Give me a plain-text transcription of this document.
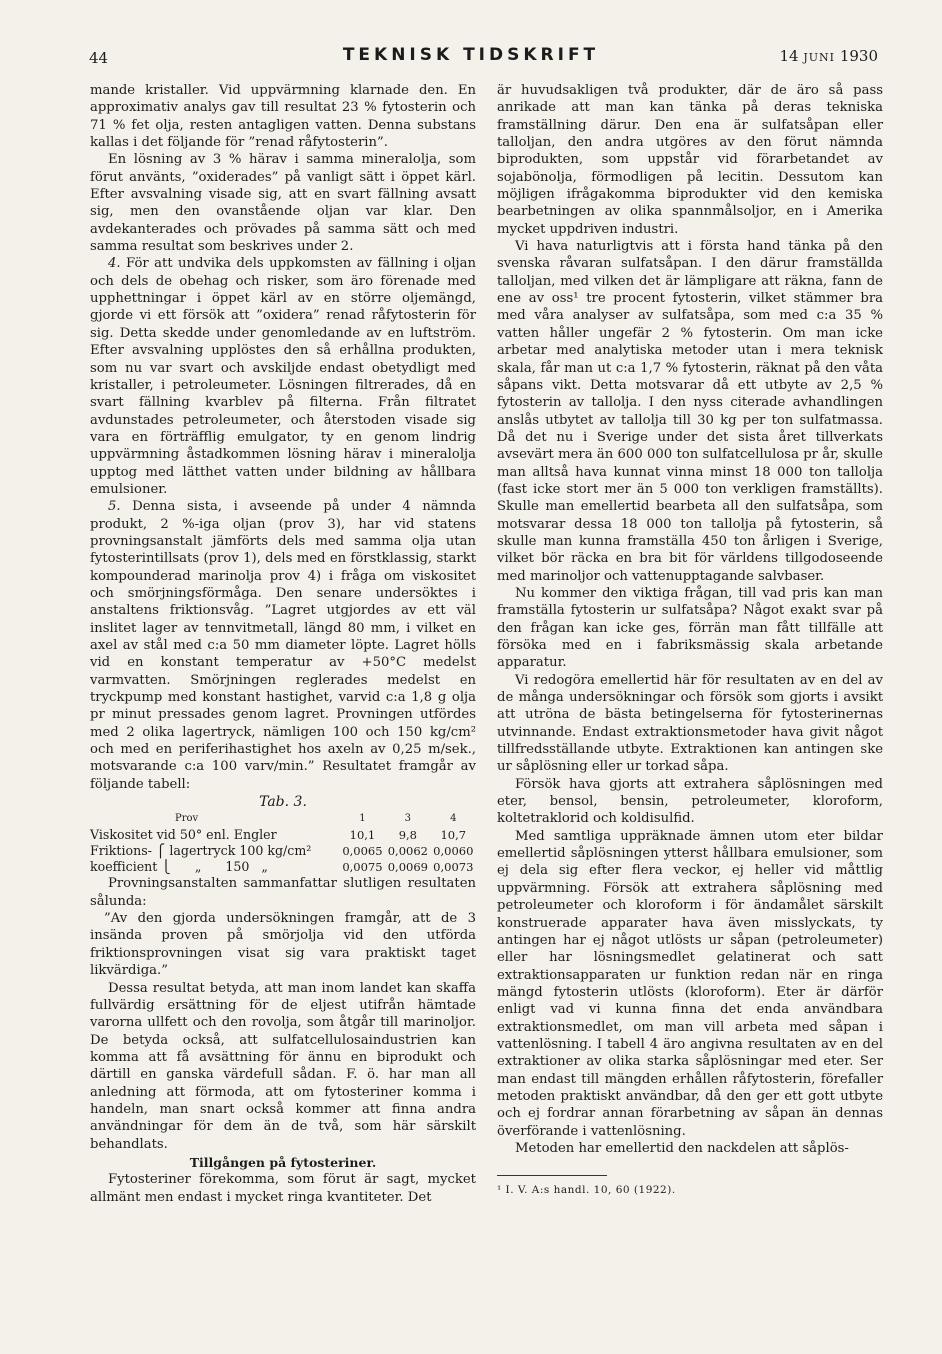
44	TEKNISK TIDSKRIFT	14 JUNI 1930

mande kristaller. Vid uppvärmning klarnade den. En approximativ analys gav till resultat 23 % fytosterin och 71 % fet olja, resten antagligen vatten. Denna substans kallas i det följande för ”renad råfytosterin”.

En lösning av 3 % härav i samma mineralolja, som förut använts, ”oxiderades” på vanligt sätt i öppet kärl. Efter avsvalning visade sig, att en svart fällning avsatt sig, men den ovanstående oljan var klar. Den avdekanterades och prövades på samma sätt och med samma resultat som beskrives under 2.

4. För att undvika dels uppkomsten av fällning i oljan och dels de obehag och risker, som äro förenade med upphettningar i öppet kärl av en större oljemängd, gjorde vi ett försök att ”oxidera” renad råfytosterin för sig. Detta skedde under genomledande av en luftström. Efter avsvalning upplöstes den så erhållna produkten, som nu var svart och avskiljde endast obetydligt med kristaller, i petroleumeter. Lösningen filtrerades, då en svart fällning kvarblev på filterna. Från filtratet avdunstades petroleumeter, och återstoden visade sig vara en förträfflig emulgator, ty en genom lindrig uppvärmning åstadkommen lösning härav i mineralolja upptog med lätthet vatten under bildning av hållbara emulsioner.

5. Denna sista, i avseende på under 4 nämnda produkt, 2 %-iga oljan (prov 3), har vid statens provningsanstalt jämförts dels med samma olja utan fytosterintillsats (prov 1), dels med en förstklassig, starkt kompounderad marinolja prov 4) i fråga om viskositet och smörjningsförmåga. Den senare undersöktes i anstaltens friktionsvåg. ”Lagret utgjordes av ett väl inslitet lager av tennvitmetall, längd 80 mm, i vilket en axel av stål med c:a 50 mm diameter löpte. Lagret hölls vid en konstant temperatur av +50°C medelst varmvatten. Smörjningen reglerades medelst en tryckpump med konstant hastighet, varvid c:a 1,8 g olja pr minut pressades genom lagret. Provningen utfördes med 2 olika lagertryck, nämligen 100 och 150 kg/cm² och med en periferihastighet hos axeln av 0,25 m/sek., motsvarande c:a 100 varv/min.” Resultatet framgår av följande tabell:

Tab. 3.
Prov	1	3	4
Viskositet vid 50° enl. Engler	10,1	9,8	10,7
Friktions- ⎧ lagertryck 100 kg/cm²	0,0065	0,0062	0,0060
koefficient ⎩      „      150   „	0,0075	0,0069	0,0073

Provningsanstalten sammanfattar slutligen resultaten sålunda:

”Av den gjorda undersökningen framgår, att de 3 insända proven på smörjolja vid den utförda friktionsprovningen visat sig vara praktiskt taget likvärdiga.”

Dessa resultat betyda, att man inom landet kan skaffa fullvärdig ersättning för de eljest utifrån hämtade varorna ullfett och den rovolja, som åtgår till marinoljor. De betyda också, att sulfatcellulosaindustrien kan komma att få avsättning för ännu en biprodukt och därtill en ganska värdefull sådan. F. ö. har man all anledning att förmoda, att om fytosteriner komma i handeln, man snart också kommer att finna andra användningar för dem än de två, som här särskilt behandlats.

Tillgången på fytosteriner.

Fytosteriner förekomma, som förut är sagt, mycket allmänt men endast i mycket ringa kvantiteter. Det

är huvudsakligen två produkter, där de äro så pass anrikade att man kan tänka på deras tekniska framställning därur. Den ena är sulfatsåpan eller talloljan, den andra utgöres av den förut nämnda biprodukten, som uppstår vid förarbetandet av sojabönolja, förmodligen på lecitin. Dessutom kan möjligen ifrågakomma biprodukter vid den kemiska bearbetningen av olika spannmålsoljor, en i Amerika mycket uppdriven industri.

Vi hava naturligtvis att i första hand tänka på den svenska råvaran sulfatsåpan. I den därur framställda talloljan, med vilken det är lämpligare att räkna, fann de ene av oss¹ tre procent fytosterin, vilket stämmer bra med våra analyser av sulfatsåpa, som med c:a 35 % vatten håller ungefär 2 % fytosterin. Om man icke arbetar med analytiska metoder utan i mera teknisk skala, får man ut c:a 1,7 % fytosterin, räknat på den våta såpans vikt. Detta motsvarar då ett utbyte av 2,5 % fytosterin av tallolja. I den nyss citerade avhandlingen anslås utbytet av tallolja till 30 kg per ton sulfatmassa. Då det nu i Sverige under det sista året tillverkats avsevärt mera än 600 000 ton sulfatcellulosa pr år, skulle man alltså hava kunnat vinna minst 18 000 ton tallolja (fast icke stort mer än 5 000 ton verkligen framställts). Skulle man emellertid bearbeta all den sulfatsåpa, som motsvarar dessa 18 000 ton tallolja på fytosterin, så skulle man kunna framställa 450 ton årligen i Sverige, vilket bör räcka en bra bit för världens tillgodoseende med marinoljor och vattenupptagande salvbaser.

Nu kommer den viktiga frågan, till vad pris kan man framställa fytosterin ur sulfatsåpa? Något exakt svar på den frågan kan icke ges, förrän man fått tillfälle att försöka med en i fabriksmässig skala arbetande apparatur.

Vi redogöra emellertid här för resultaten av en del av de många undersökningar och försök som gjorts i avsikt att utröna de bästa betingelserna för fytosterinernas utvinnande. Endast extraktionsmetoder hava givit något tillfredsställande utbyte. Extraktionen kan antingen ske ur såplösning eller ur torkad såpa.

Försök hava gjorts att extrahera såplösningen med eter, bensol, bensin, petroleumeter, kloroform, koltetraklorid och koldisulfid.

Med samtliga uppräknade ämnen utom eter bildar emellertid såplösningen ytterst hållbara emulsioner, som ej dela sig efter flera veckor, ej heller vid måttlig uppvärmning. Försök att extrahera såplösning med petroleumeter och kloroform i för ändamålet särskilt konstruerade apparater hava även misslyckats, ty antingen har ej något utlösts ur såpan (petroleumeter) eller har lösningsmedlet gelatinerat och satt extraktionsapparaten ur funktion redan när en ringa mängd fytosterin utlösts (kloroform). Eter är därför enligt vad vi kunna finna det enda användbara extraktionsmedlet, om man vill arbeta med såpan i vattenlösning. I tabell 4 äro angivna resultaten av en del extraktioner av olika starka såplösningar med eter. Ser man endast till mängden erhållen råfytosterin, förefaller metoden praktiskt användbar, då den ger ett gott utbyte och ej fordrar annan förarbetning av såpan än dennas överförande i vattenlösning.

Metoden har emellertid den nackdelen att såplös-

¹ I. V. A:s handl. 10, 60 (1922).
